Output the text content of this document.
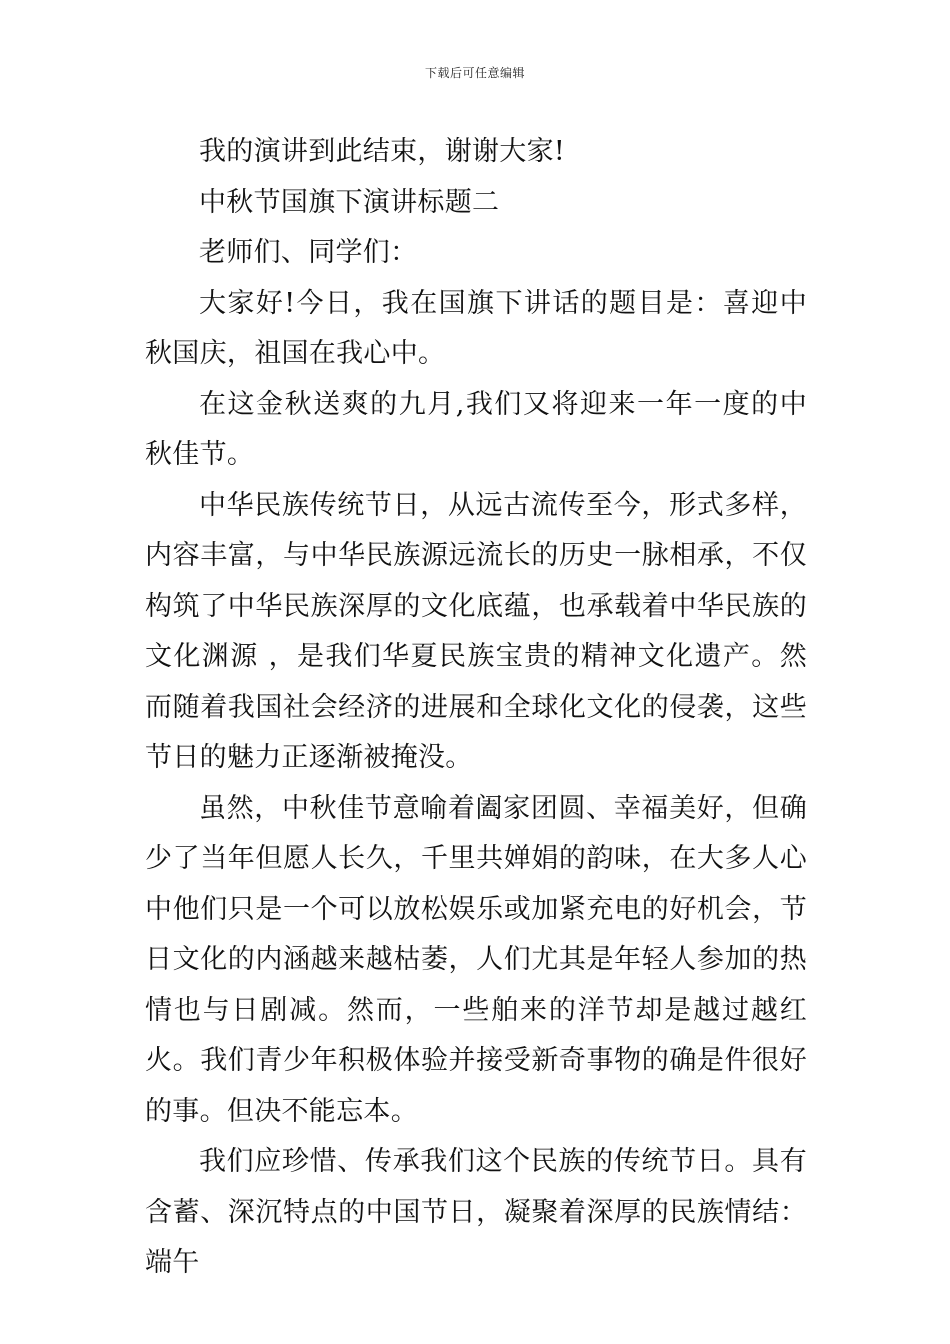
下载后可任意编辑

我的演讲到此结束，谢谢大家!

中秋节国旗下演讲标题二

老师们、同学们：

大家好!今日，我在国旗下讲话的题目是：喜迎中秋国庆，祖国在我心中。

在这金秋送爽的九月,我们又将迎来一年一度的中秋佳节。

中华民族传统节日，从远古流传至今，形式多样，内容丰富，与中华民族源远流长的历史一脉相承，不仅构筑了中华民族深厚的文化底蕴，也承载着中华民族的文化渊源 ，是我们华夏民族宝贵的精神文化遗产。然而随着我国社会经济的进展和全球化文化的侵袭，这些节日的魅力正逐渐被掩没。

虽然，中秋佳节意喻着阖家团圆、幸福美好，但确少了当年但愿人长久，千里共婵娟的韵味，在大多人心中他们只是一个可以放松娱乐或加紧充电的好机会，节日文化的内涵越来越枯萎，人们尤其是年轻人参加的热情也与日剧减。然而，一些舶来的洋节却是越过越红火。我们青少年积极体验并接受新奇事物的确是件很好的事。但决不能忘本。

我们应珍惜、传承我们这个民族的传统节日。具有含蓄、深沉特点的中国节日，凝聚着深厚的民族情结：端午
